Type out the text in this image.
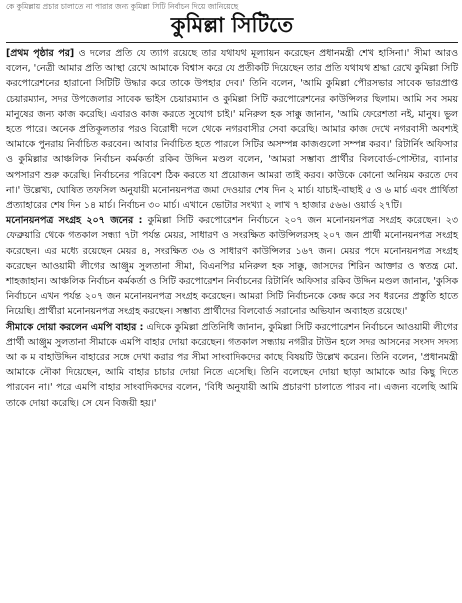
কে কুমিল্লায় প্রচার চালাতে না পারার জন্য কুমিল্লা সিটি নির্বাচন দিয়ে জানিয়েছে
কুমিল্লা সিটিতে

[প্রথম পৃষ্ঠার পর] ও দলের প্রতি যে ত্যাগ রয়েছে তার যথাযথ মূল্যায়ন করেছেন প্রধানমন্ত্রী শেখ হাসিনা।' সীমা আরও বলেন, 'নেত্রী আমার প্রতি আস্থা রেখে আমাকে বিশ্বাস করে যে প্রতীকটি দিয়েছেন তার প্রতি যথাযথ শ্রদ্ধা রেখে কুমিল্লা সিটি করপোরেশনের হারানো সিটিটি উদ্ধার করে তাকে উপহার দেব।' তিনি বলেন, 'আমি কুমিল্লা পৌরসভার সাবেক ভারপ্রাপ্ত চেয়ারম্যান, সদর উপজেলার সাবেক ভাইস চেয়ারম্যান ও কুমিল্লা সিটি করপোরেশনের কাউন্সিলর ছিলাম। আমি সব সময় মানুষের জন্য কাজ করেছি। এবারও কাজ করতে সুযোগ চাই।' মনিরুল হক সাক্কু জানান, 'আমি ফেরেশতা নই, মানুষ। ভুল হতে পারে। অনেক প্রতিকূলতার পরও বিরোধী দলে থেকে নগরবাসীর সেবা করেছি। আমার কাজ দেখে নগরবাসী অবশ্যই আমাকে পুনরায় নির্বাচিত করবেন। আবার নির্বাচিত হতে পারলে সিটির অসম্পন্ন কাজগুলো সম্পন্ন করব।' রিটার্নিং অফিসার ও কুমিল্লার আঞ্চলিক নির্বাচন কর্মকর্তা রকিব উদ্দিন মণ্ডল বলেন, 'আমরা সম্ভাব্য প্রার্থীর বিলবোর্ড-পোস্টার, ব্যানার অপসারণ শুরু করেছি। নির্বাচনের পরিবেশ ঠিক করতে যা প্রয়োজন আমরা তাই করব। কাউকে কোনো অনিয়ম করতে দেব না।' উল্লেখ্য, ঘোষিত তফসিল অনুযায়ী মনোনয়নপত্র জমা দেওয়ার শেষ দিন ২ মার্চ। যাচাই-বাছাই ৫ ও ৬ মার্চ এবং প্রার্থিতা প্রত্যাহারের শেষ দিন ১৪ মার্চ। নির্বাচন ৩০ মার্চ। এখানে ভোটার সংখ্যা ২ লাখ ৭ হাজার ৫৬৬। ওয়ার্ড ২৭টি।

মনোনয়নপত্র সংগ্রহ ২০৭ জনের : কুমিল্লা সিটি করপোরেশন নির্বাচনে ২০৭ জন মনোনয়নপত্র সংগ্রহ করেছেন। ২৩ ফেব্রুয়ারি থেকে গতকাল সন্ধ্যা ৭টা পর্যন্ত মেয়র, সাধারণ ও সংরক্ষিত কাউন্সিলরসহ ২০৭ জন প্রার্থী মনোনয়নপত্র সংগ্রহ করেছেন। এর মধ্যে রয়েছেন মেয়র ৪, সংরক্ষিত ৩৬ ও সাধারণ কাউন্সিলর ১৬৭ জন। মেয়র পদে মনোনয়নপত্র সংগ্রহ করেছেন আওয়ামী লীগের আঞ্জুম সুলতানা সীমা, বিএনপির মনিরুল হক সাক্কু, জাসদের শিরিন আক্তার ও স্বতন্ত্র মো. শাহজাহান। আঞ্চলিক নির্বাচন কর্মকর্তা ও সিটি করপোরেশন নির্বাচনের রিটার্নিং অফিসার রকিব উদ্দিন মণ্ডল জানান, 'কুসিক নির্বাচনে এখন পর্যন্ত ২০৭ জন মনোনয়নপত্র সংগ্রহ করেছেন। আমরা সিটি নির্বাচনকে কেন্দ্র করে সব ধরনের প্রস্তুতি হাতে নিয়েছি। প্রার্থীরা মনোনয়নপত্র সংগ্রহ করছেন। সম্ভাব্য প্রার্থীদের বিলবোর্ড সরানোর অভিযান অব্যাহত রয়েছে।'

সীমাকে দোয়া করলেন এমপি বাহার : এদিকে কুমিল্লা প্রতিনিধি জানান, কুমিল্লা সিটি করপোরেশন নির্বাচনে আওয়ামী লীগের প্রার্থী আঞ্জুম সুলতানা সীমাকে এমপি বাহার দোয়া করেছেন। গতকাল সন্ধ্যায় নগরীর টাউন হলে সদর আসনের সংসদ সদস্য আ ক ম বাহাউদ্দিন বাহারের সঙ্গে দেখা করার পর সীমা সাংবাদিকদের কাছে বিষয়টি উল্লেখ করেন। তিনি বলেন, 'প্রধানমন্ত্রী আমাকে নৌকা দিয়েছেন, আমি বাহার চাচার দোয়া নিতে এসেছি। তিনি বলেছেন দোয়া ছাড়া আমাকে আর কিছু দিতে পারবেন না।' পরে এমপি বাহার সাংবাদিকদের বলেন, 'বিধি অনুযায়ী আমি প্রচারণা চালাতে পারব না। এজন্য বলেছি আমি তাকে দোয়া করেছি। সে যেন বিজয়ী হয়।'
